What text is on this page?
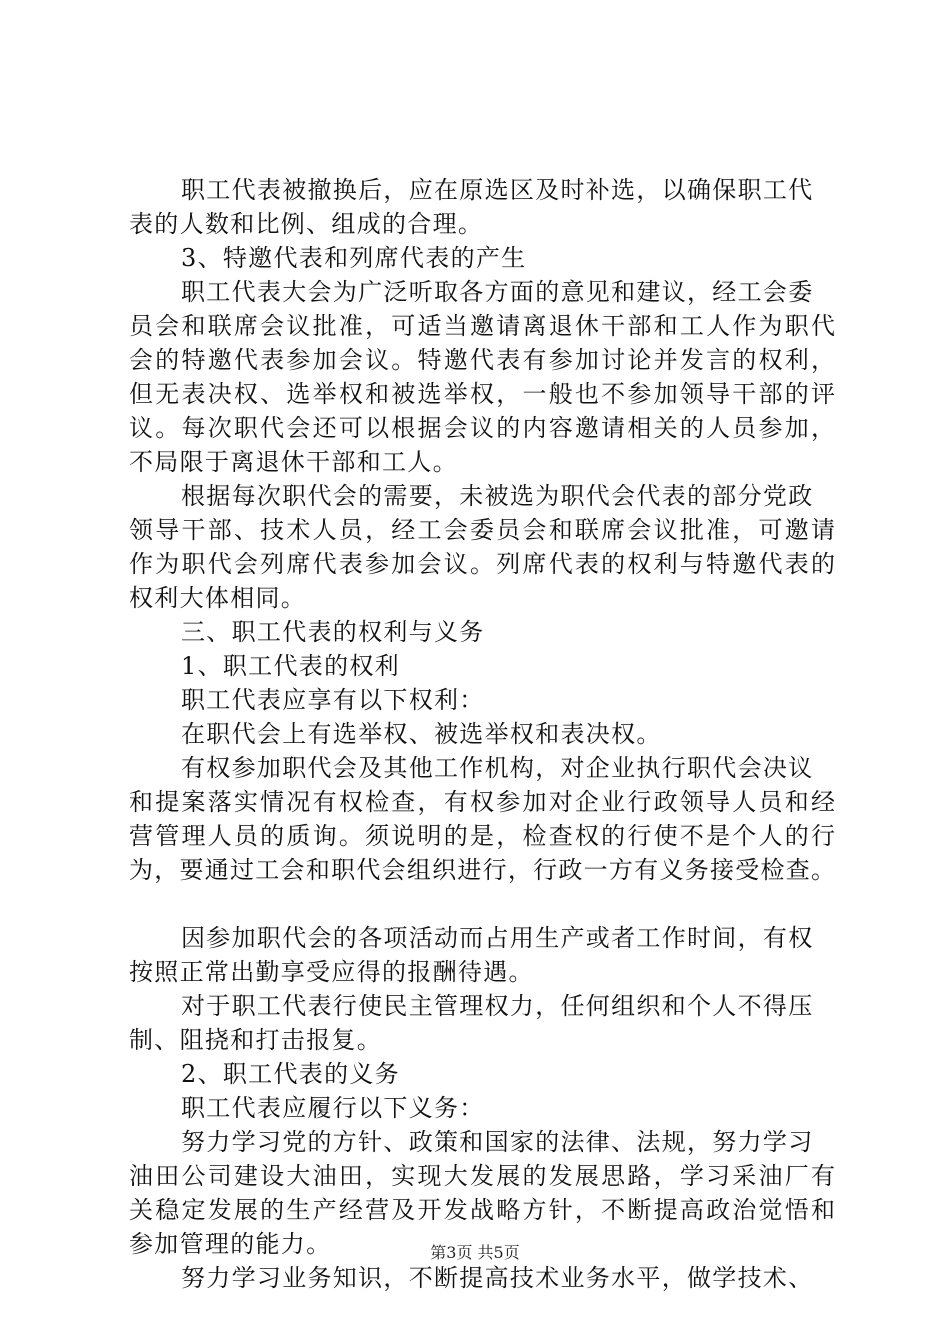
职工代表被撤换后，应在原选区及时补选，以确保职工代
表的人数和比例、组成的合理。
3、特邀代表和列席代表的产生
职工代表大会为广泛听取各方面的意见和建议，经工会委
员会和联席会议批准，可适当邀请离退休干部和工人作为职代
会的特邀代表参加会议。特邀代表有参加讨论并发言的权利，
但无表决权、选举权和被选举权，一般也不参加领导干部的评
议。每次职代会还可以根据会议的内容邀请相关的人员参加，
不局限于离退休干部和工人。
根据每次职代会的需要，未被选为职代会代表的部分党政
领导干部、技术人员，经工会委员会和联席会议批准，可邀请
作为职代会列席代表参加会议。列席代表的权利与特邀代表的
权利大体相同。
三、职工代表的权利与义务
1、职工代表的权利
职工代表应享有以下权利：
在职代会上有选举权、被选举权和表决权。
有权参加职代会及其他工作机构，对企业执行职代会决议
和提案落实情况有权检查，有权参加对企业行政领导人员和经
营管理人员的质询。须说明的是，检查权的行使不是个人的行
为，要通过工会和职代会组织进行，行政一方有义务接受检查。
因参加职代会的各项活动而占用生产或者工作时间，有权
按照正常出勤享受应得的报酬待遇。
对于职工代表行使民主管理权力，任何组织和个人不得压
制、阻挠和打击报复。
2、职工代表的义务
职工代表应履行以下义务：
努力学习党的方针、政策和国家的法律、法规，努力学习
油田公司建设大油田，实现大发展的发展思路，学习采油厂有
关稳定发展的生产经营及开发战略方针，不断提高政治觉悟和
参加管理的能力。
努力学习业务知识，不断提高技术业务水平，做学技术、
第3页 共5页
